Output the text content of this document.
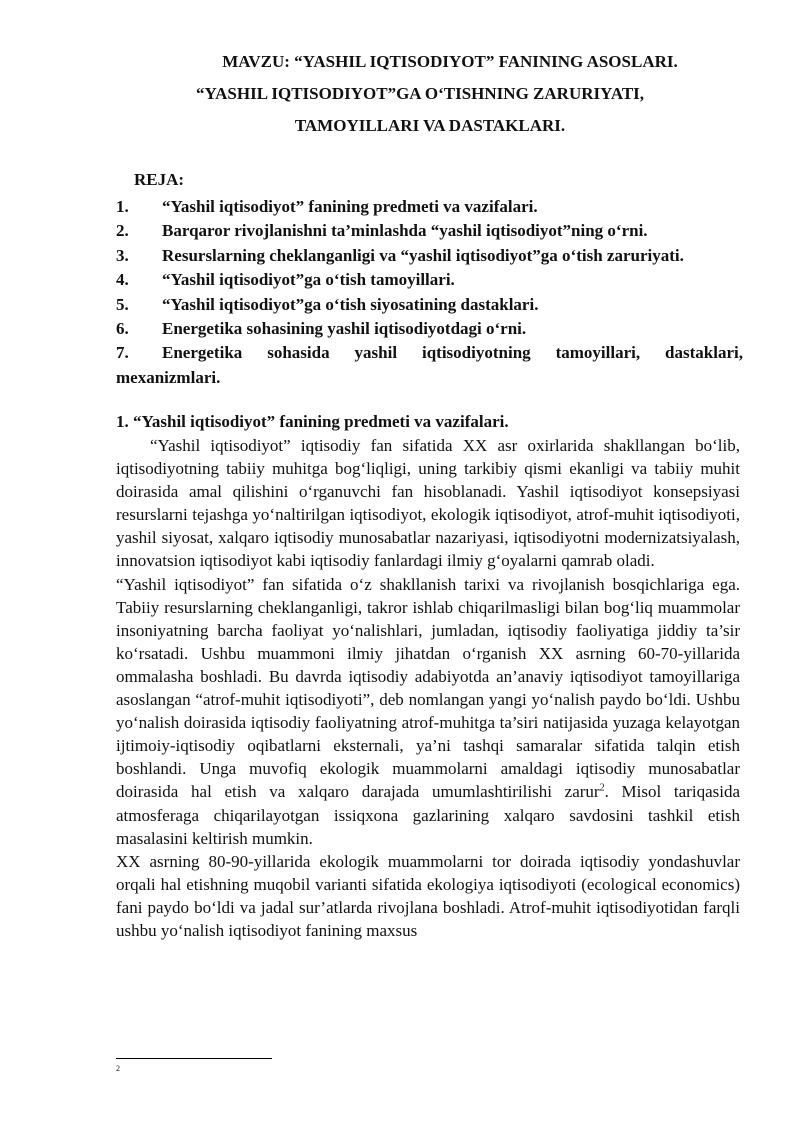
MAVZU: “YASHIL IQTISODIYOT” FANINING ASOSLARI.
“YASHIL IQTISODIYOT”GA O‘TISHNING ZARURIYATI,
TAMOYILLARI VA DASTAKLARI.
REJA:
1.	“Yashil iqtisodiyot” fanining predmeti va vazifalari.
2.	Barqaror rivojlanishni ta’minlashda “yashil iqtisodiyot”ning o‘rni.
3.	Resurslarning cheklanganligi va “yashil iqtisodiyot”ga o‘tish zaruriyati.
4.	“Yashil iqtisodiyot”ga o‘tish tamoyillari.
5.	“Yashil iqtisodiyot”ga o‘tish siyosatining dastaklari.
6.	Energetika sohasining yashil iqtisodiyotdagi o‘rni.
7. Energetika sohasida yashil iqtisodiyotning tamoyillari, dastaklari, mexanizmlari.
1. “Yashil iqtisodiyot” fanining predmeti va vazifalari.

“Yashil iqtisodiyot” iqtisodiy fan sifatida XX asr oxirlarida shakllangan bo‘lib, iqtisodiyotning tabiiy muhitga bog‘liqligi, uning tarkibiy qismi ekanligi va tabiiy muhit doirasida amal qilishini o‘rganuvchi fan hisoblanadi. Yashil iqtisodiyot konsepsiyasi resurslarni tejashga yo‘naltirilgan iqtisodiyot, ekologik iqtisodiyot, atrof-muhit iqtisodiyoti, yashil siyosat, xalqaro iqtisodiy munosabatlar nazariyasi, iqtisodiyotni modernizatsiyalash, innovatsion iqtisodiyot kabi iqtisodiy fanlardagi ilmiy g‘oyalarni qamrab oladi.

“Yashil iqtisodiyot” fan sifatida o‘z shakllanish tarixi va rivojlanish bosqichlariga ega. Tabiiy resurslarning cheklanganligi, takror ishlab chiqarilmasligi bilan bog‘liq muammolar insoniyatning barcha faoliyat yo‘nalishlari, jumladan, iqtisodiy faoliyatiga jiddiy ta’sir ko‘rsatadi. Ushbu muammoni ilmiy jihatdan o‘rganish XX asrning 60-70-yillarida ommalasha boshladi. Bu davrda iqtisodiy adabiyotda an’anaviy iqtisodiyot tamoyillariga asoslangan “atrof-muhit iqtisodiyoti”, deb nomlangan yangi yo‘nalish paydo bo‘ldi. Ushbu yo‘nalish doirasida iqtisodiy faoliyatning atrof-muhitga ta’siri natijasida yuzaga kelayotgan ijtimoiy-iqtisodiy oqibatlarni eksternali, ya’ni tashqi samaralar sifatida talqin etish boshlandi. Unga muvofiq ekologik muammolarni amaldagi iqtisodiy munosabatlar doirasida hal etish va xalqaro darajada umumlashtirilishi zarur$^2$. Misol tariqasida atmosferaga chiqarilayotgan issiqxona gazlarining xalqaro savdosini tashkil etish masalasini keltirish mumkin.

XX asrning 80-90-yillarida ekologik muammolarni tor doirada iqtisodiy yondashuvlar orqali hal etishning muqobil varianti sifatida ekologiya iqtisodiyoti (ecological economics) fani paydo bo‘ldi va jadal sur’atlarda rivojlana boshladi. Atrof-muhit iqtisodiyotidan farqli ushbu yo‘nalish iqtisodiyot fanining maxsus

2
